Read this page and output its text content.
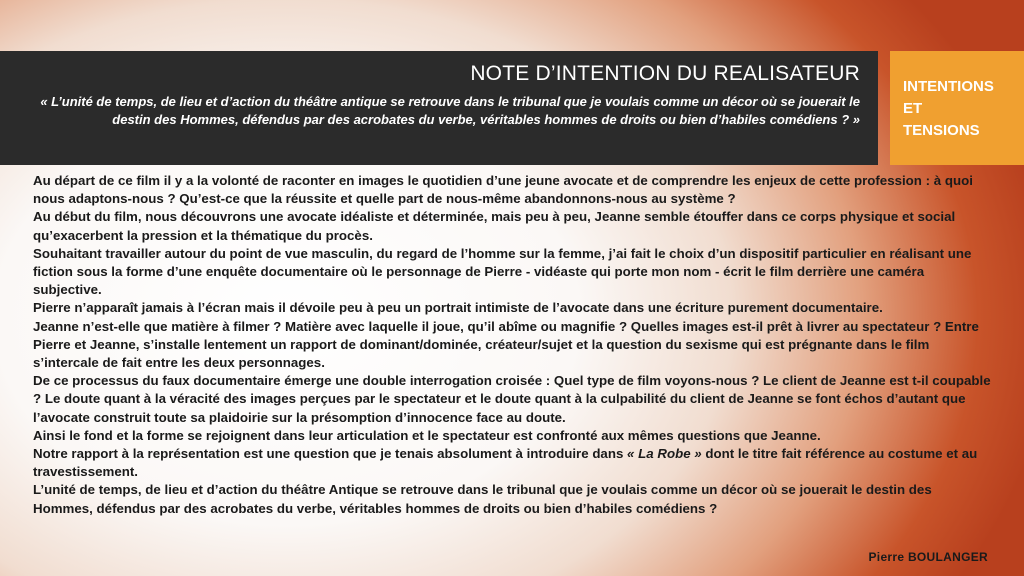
NOTE D’INTENTION DU REALISATEUR
« L’unité de temps, de lieu et d’action du théâtre antique se retrouve dans le tribunal que je voulais comme un décor où se jouerait le destin des Hommes, défendus par des acrobates du verbe, véritables hommes de droits ou bien d’habiles comédiens ? »
INTENTIONS
ET
TENSIONS

Au départ de ce film il y a la volonté de raconter en images le quotidien d’une jeune avocate et de comprendre les enjeux de cette profession : à quoi nous adaptons-nous ? Qu’est-ce que la réussite et quelle part de nous-même abandonnons-nous au système ?

Au début du film, nous découvrons une avocate idéaliste et déterminée, mais peu à peu, Jeanne semble étouffer dans ce corps physique et social qu’exacerbent la pression et la thématique du procès.

Souhaitant travailler autour du point de vue masculin, du regard de l’homme sur la femme, j’ai fait le choix d’un dispositif particulier en réalisant une fiction sous la forme d’une enquête documentaire où le personnage de Pierre - vidéaste qui porte mon nom - écrit le film derrière une caméra subjective.

Pierre n’apparaît jamais à l’écran mais il dévoile peu à peu un portrait intimiste de l’avocate dans une écriture purement documentaire.

Jeanne n’est-elle que matière à filmer ? Matière avec laquelle il joue, qu’il abîme ou magnifie ? Quelles images est-il prêt à livrer au spectateur ? Entre Pierre et Jeanne, s’installe lentement un rapport de dominant/dominée, créateur/sujet et la question du sexisme qui est prégnante dans le film s’intercale de fait entre les deux personnages.

De ce processus du faux documentaire émerge une double interrogation croisée : Quel type de film voyons-nous ? Le client de Jeanne est t-il coupable ? Le doute quant à la véracité des images perçues par le spectateur et le doute quant à la culpabilité du client de Jeanne se font échos d’autant que l’avocate construit toute sa plaidoirie sur la présomption d’innocence face au doute.

Ainsi le fond et la forme se rejoignent dans leur articulation et le spectateur est confronté aux mêmes questions que Jeanne.

Notre rapport à la représentation est une question que je tenais absolument à introduire dans « La Robe » dont le titre fait référence au costume et au travestissement.

L’unité de temps, de lieu et d’action du théâtre Antique se retrouve dans le tribunal que je voulais comme un décor où se jouerait le destin des Hommes, défendus par des acrobates du verbe, véritables hommes de droits ou bien d’habiles comédiens ?

Pierre BOULANGER
